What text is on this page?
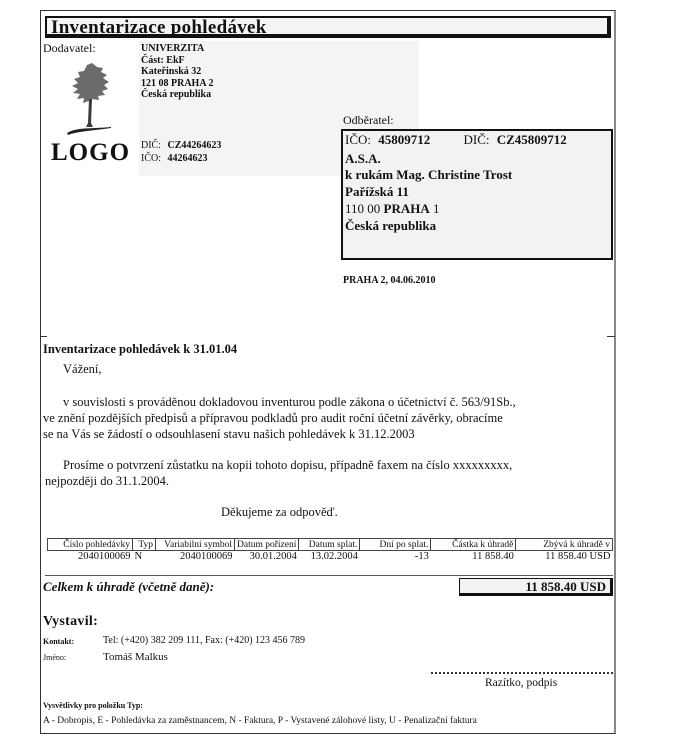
Inventarizace pohledávek
Dodavatel:	UNIVERZITA
Část: EkF
Kateřinská 32
121 08 PRAHA 2
Česká republika
DIČ: CZ44264623
IČO: 44264623
LOGO
Odběratel:
IČO: 45809712	DIČ: CZ45809712
A.S.A.
k rukám Mag. Christine Trost
Pařížská 11
110 00 PRAHA 1
Česká republika
PRAHA 2, 04.06.2010
Inventarizace pohledávek k 31.01.04
Vážení,
v souvislosti s prováděnou dokladovou inventurou podle zákona o účetnictví č. 563/91Sb.,
ve znění pozdějších předpisů a přípravou podkladů pro audit roční účetní závěrky, obracíme
se na Vás se žádostí o odsouhlasení stavu našich pohledávek k 31.12.2003
Prosíme o potvrzení zůstatku na kopii tohoto dopisu, případně faxem na číslo xxxxxxxxx,
nejpozději do 31.1.2004.
Děkujeme za odpověď.
Číslo pohledávky	Typ	Variabilní symbol	Datum pořízení	Datum splat.	Dní po splat.	Částka k úhradě	Zbývá k úhradě v
2040100069	N	2040100069	30.01.2004	13.02.2004	-13	11 858.40	11 858.40 USD
Celkem k úhradě (včetně daně):	11 858.40 USD
Vystavil:
Kontakt:	Tel: (+420) 382 209 111, Fax: (+420) 123 456 789
Jméno:	Tomáš Malkus
Razítko, podpis
Vysvětlivky pro položku Typ:
A - Dobropis, E - Pohledávka za zaměstnancem, N - Faktura, P - Vystavené zálohové listy, U - Penalizační faktura
